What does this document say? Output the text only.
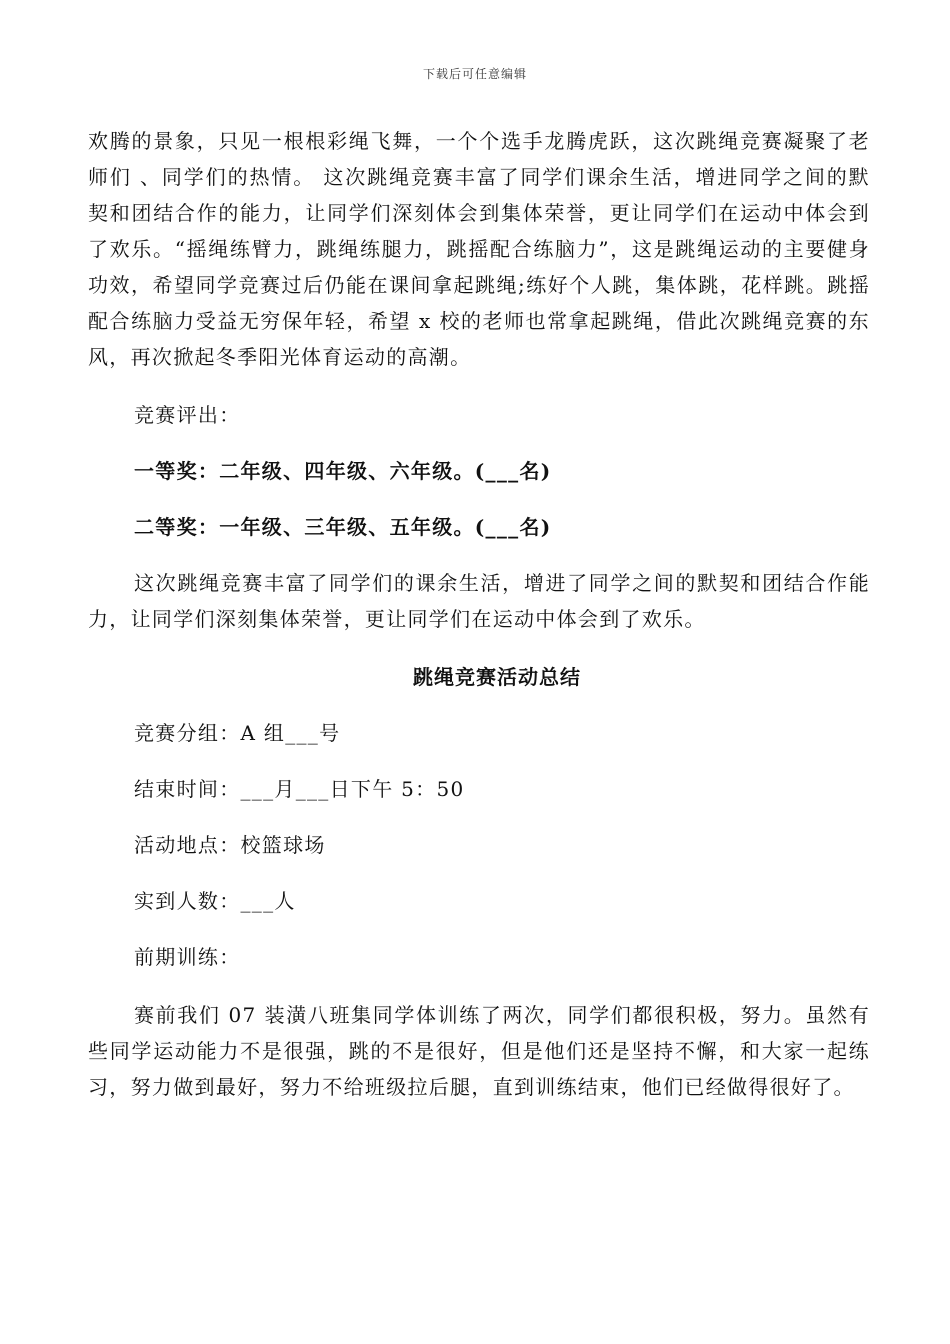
下载后可任意编辑

欢腾的景象，只见一根根彩绳飞舞，一个个选手龙腾虎跃，这次跳绳竞赛凝聚了老师们 、同学们的热情。 这次跳绳竞赛丰富了同学们课余生活，增进同学之间的默契和团结合作的能力，让同学们深刻体会到集体荣誉，更让同学们在运动中体会到了欢乐。“摇绳练臂力，跳绳练腿力，跳摇配合练脑力”，这是跳绳运动的主要健身功效，希望同学竞赛过后仍能在课间拿起跳绳;练好个人跳，集体跳，花样跳。跳摇配合练脑力受益无穷保年轻，希望 x 校的老师也常拿起跳绳，借此次跳绳竞赛的东风，再次掀起冬季阳光体育运动的高潮。

竞赛评出：

一等奖：二年级、四年级、六年级。(___名)

二等奖：一年级、三年级、五年级。(___名)

这次跳绳竞赛丰富了同学们的课余生活，增进了同学之间的默契和团结合作能力，让同学们深刻集体荣誉，更让同学们在运动中体会到了欢乐。

跳绳竞赛活动总结

竞赛分组：A 组___号

结束时间：___月___日下午 5：50

活动地点：校篮球场

实到人数：___人

前期训练：

赛前我们 07 装潢八班集同学体训练了两次，同学们都很积极，努力。虽然有些同学运动能力不是很强，跳的不是很好，但是他们还是坚持不懈，和大家一起练习，努力做到最好，努力不给班级拉后腿，直到训练结束，他们已经做得很好了。
